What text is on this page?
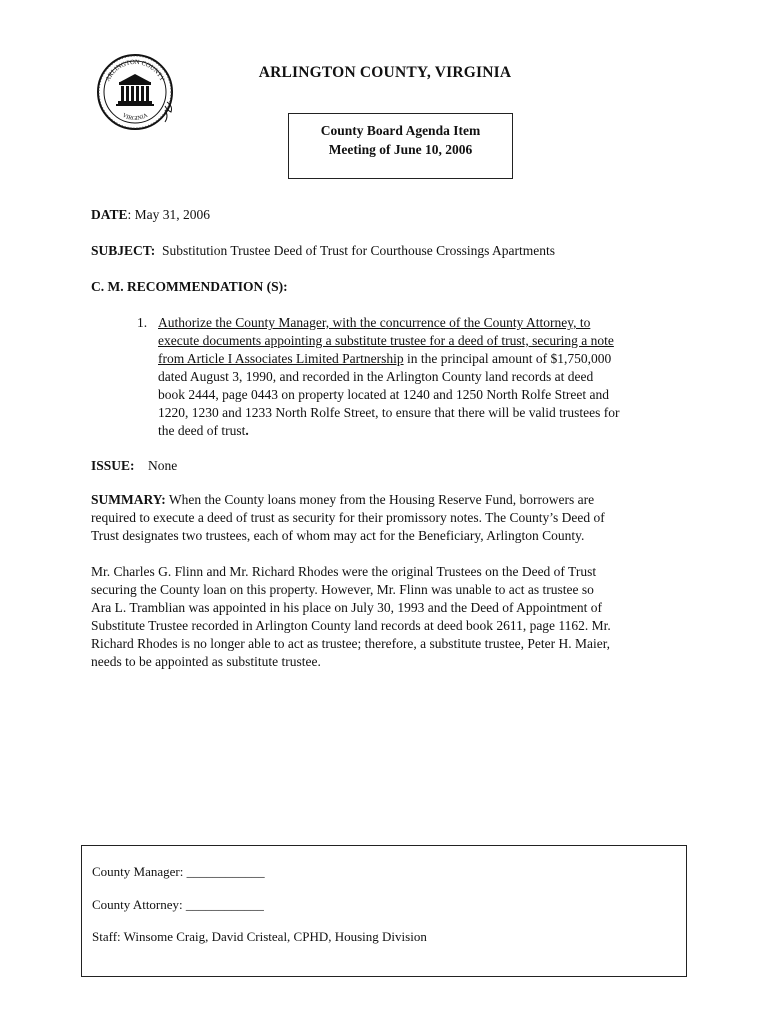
ARLINGTON COUNTY
VIRGINIA
ARLINGTON COUNTY, VIRGINIA
County Board Agenda Item
Meeting of June 10, 2006
DATE: May 31, 2006
SUBJECT: Substitution Trustee Deed of Trust for Courthouse Crossings Apartments
C. M. RECOMMENDATION (S):
1. Authorize the County Manager, with the concurrence of the County Attorney, to
execute documents appointing a substitute trustee for a deed of trust, securing a note
from Article I Associates Limited Partnership in the principal amount of $1,750,000
dated August 3, 1990, and recorded in the Arlington County land records at deed
book 2444, page 0443 on property located at 1240 and 1250 North Rolfe Street and
1220, 1230 and 1233 North Rolfe Street, to ensure that there will be valid trustees for
the deed of trust.
ISSUE: None
SUMMARY: When the County loans money from the Housing Reserve Fund, borrowers are
required to execute a deed of trust as security for their promissory notes. The County’s Deed of
Trust designates two trustees, each of whom may act for the Beneficiary, Arlington County.
Mr. Charles G. Flinn and Mr. Richard Rhodes were the original Trustees on the Deed of Trust
securing the County loan on this property. However, Mr. Flinn was unable to act as trustee so
Ara L. Tramblian was appointed in his place on July 30, 1993 and the Deed of Appointment of
Substitute Trustee recorded in Arlington County land records at deed book 2611, page 1162. Mr.
Richard Rhodes is no longer able to act as trustee; therefore, a substitute trustee, Peter H. Maier,
needs to be appointed as substitute trustee.
County Manager: ____________
County Attorney: ____________
Staff: Winsome Craig, David Cristeal, CPHD, Housing Division
